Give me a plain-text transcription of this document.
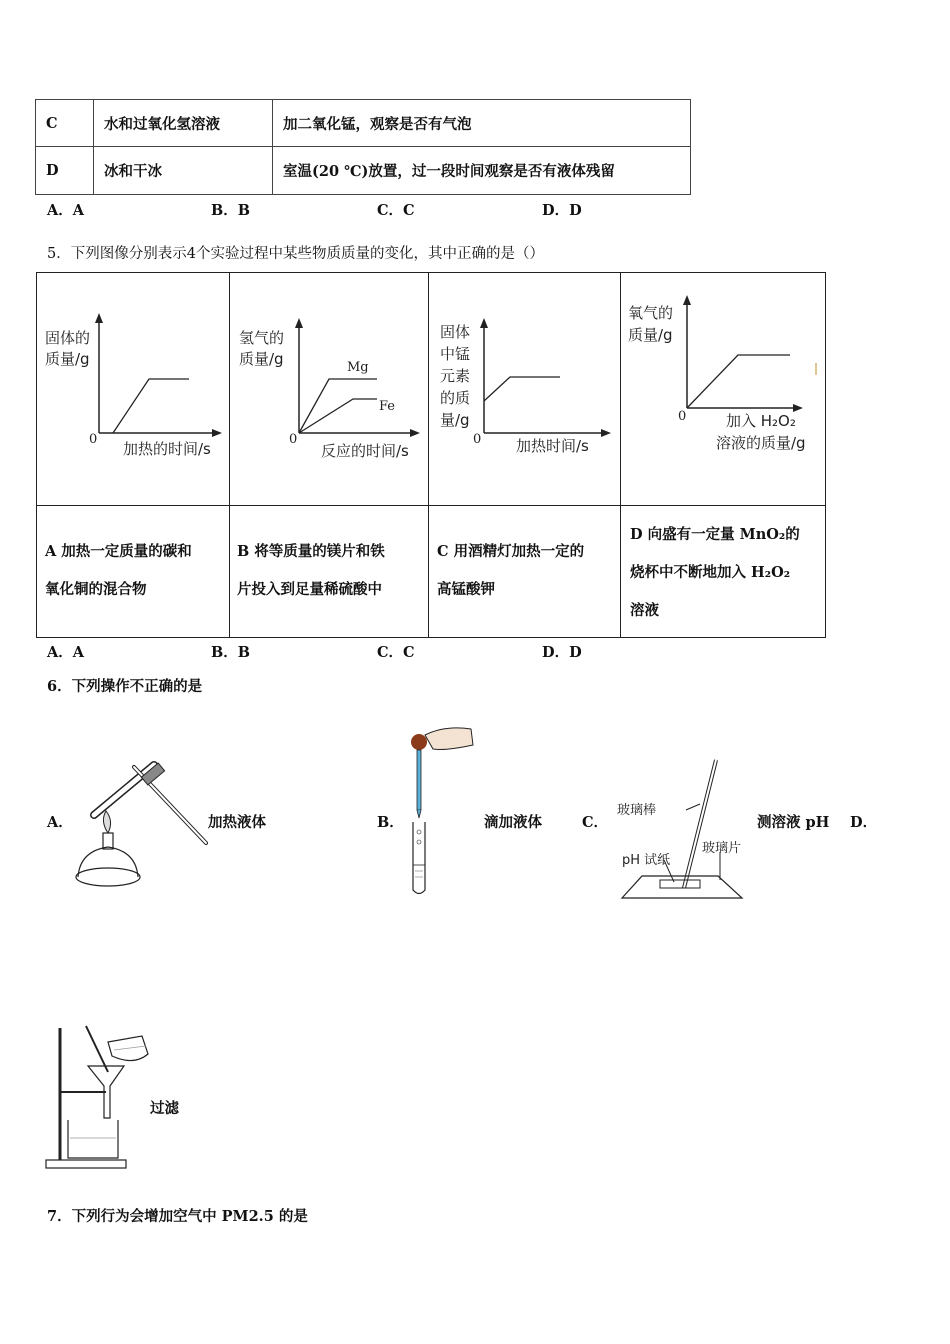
C	水和过氧化氢溶液	加二氧化锰，观察是否有气泡
D	冰和干冰	室温(20 ℃)放置，过一段时间观察是否有液体残留
A．A	B．B	C．C	D．D
5．下列图像分别表示4个实验过程中某些物质质量的变化，其中正确的是（）
固体的
质量/g
0
加热的时间/s
Mg
Fe
氢气的
质量/g
0
反应的时间/s
固体
中锰
元素
的质
量/g
0 加热时间/s
氧气的
质量/g
0	加入 H₂O₂
溶液的质量/g
A 加热一定质量的碳和
氧化铜的混合物
B 将等质量的镁片和铁
片投入到足量稀硫酸中
C 用酒精灯加热一定的
高锰酸钾
D 向盛有一定量 MnO₂的
烧杯中不断地加入 H₂O₂
溶液
A．A	B．B	C．C	D．D
6．下列操作不正确的是
A．	加热液体	B．	滴加液体	C．	测溶液 pH D．
过滤
玻璃棒
pH 试纸
玻璃片
7．下列行为会增加空气中 PM2.5 的是
